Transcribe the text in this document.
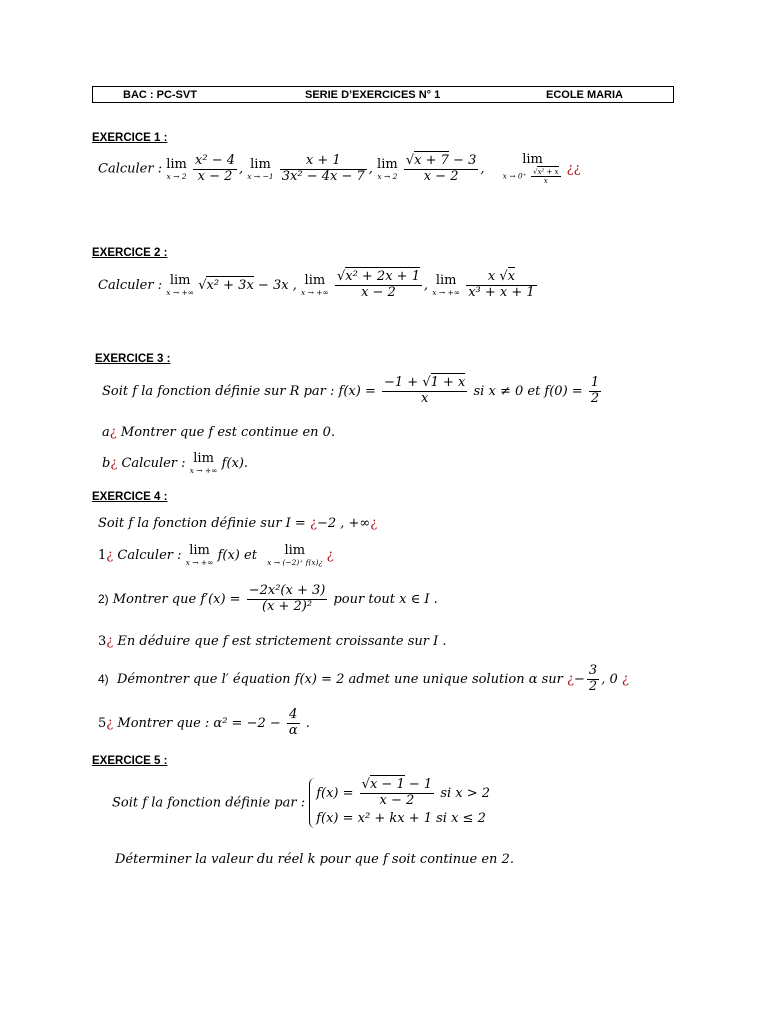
BAC : PC-SVT	SERIE D’EXERCICES N° 1	ECOLE MARIA
EXERCICE 1 :
Calculer : lim
x → 2
$\frac{\text{x² − 4}}{x - 2}$ , lim
x → −1
$\frac{x + 1}{\text{3x² − 4x − 7}}$ , lim
x → 2
$\frac{√x + 7 - 3}{x - 2}$ , lim
$x \to 0^+ \frac{\text{√x² + x}}{x}$ ¿¿
EXERCICE 2 :
Calculer : lim
x → +∞ √x² + 3x − 3x , lim
x → +∞
$\frac{\text{√x² + 2x + 1}}{x - 2}$ , lim
x → +∞
$\frac{x √x}{\text{x³ + x + 1}}$
EXERCICE 3 :
Soit f la fonction définie sur R par : $f(x) = \frac{-1 + √1 + x}{x}$ si x ≠ 0 et $f(0) = \frac{1}{2}$
a¿ Montrer que f est continue en 0.
b¿ Calculer : lim
x → +∞ f(x).
EXERCICE 4 :
Soit f la fonction définie sur I = ¿−2 , +∞¿
1¿ Calculer : lim
x → +∞ f(x) et lim
x → (−2)⁺ f(x)¿ ¿
2) Montrer que $f'(x) = \frac{\text{−2x²(x + 3)}}{\text{(x + 2)²}}$ pour tout x ∈ I .
3¿ En déduire que f est strictement croissante sur I .
4) Démontrer que l′ équation f(x) = 2 admet une unique solution α sur ¿− $\frac{3}{2}$ , 0 ¿
5¿ Montrer que : $\alpha^2 = -2 - \frac{4}{\alpha}$ .
EXERCICE 5 :
Soit f la fonction définie par :
$f(x) = \frac{√x - 1 - 1}{x - 2}$ si x > 2
f(x) = x² + kx + 1 si x ≤ 2
Déterminer la valeur du réel k pour que f soit continue en 2.
